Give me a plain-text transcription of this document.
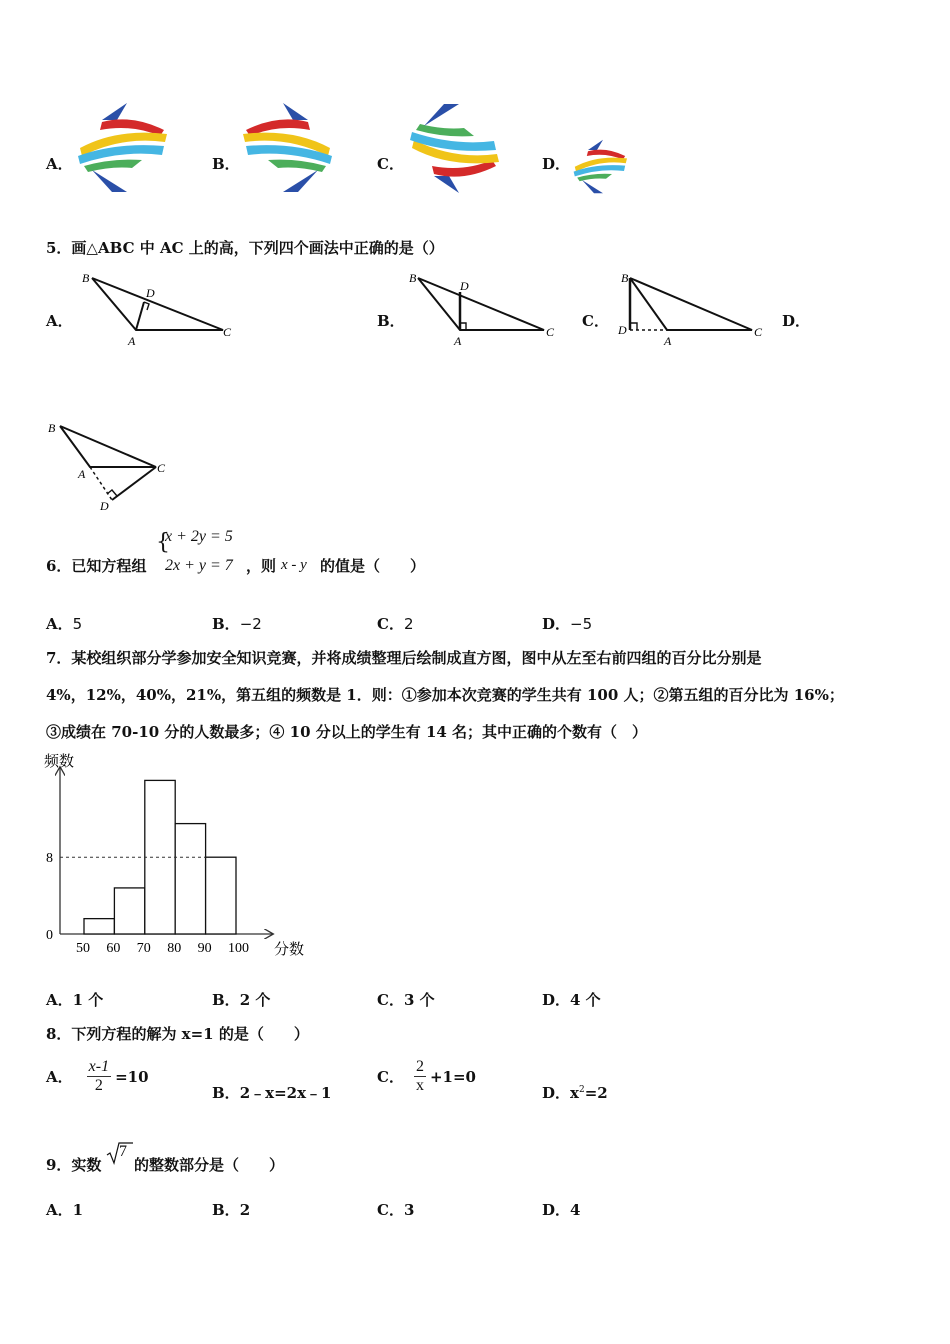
A．	B．	C．	D．
5．画△ABC 中 AC 上的高，下列四个画法中正确的是（）
A．
B
D
A
C
B．
B
D
A
C
C．
B
D
A
C
D．
B
A	C
D
6．已知方程组
{
x + 2y = 5
2x + y = 7 ，则 x - y 的值是（　　）
A．5	B．−2	C．2	D．−5
7．某校组织部分学参加安全知识竞赛，并将成绩整理后绘制成直方图，图中从左至右前四组的百分比分别是
4%，12%，40%，21%，第五组的频数是 1．则：①参加本次竞赛的学生共有 100 人；②第五组的百分比为 16%；
③成绩在 70-10 分的人数最多；④ 10 分以上的学生有 14 名；其中正确的个数有（　）
频数
分数
50 60 70 80 90 100
0
8
A．1 个	B．2 个	C．3 个	D．4 个
8．下列方程的解为 x=1 的是（　　）
A． $\frac{x-1}{2} =10$
B．2﹣x=2x﹣1
C． $\frac{2}{x} +1=0$
D．$x^2=2$
9．实数
7
的整数部分是（　　）
A．1	B．2	C．3	D．4
